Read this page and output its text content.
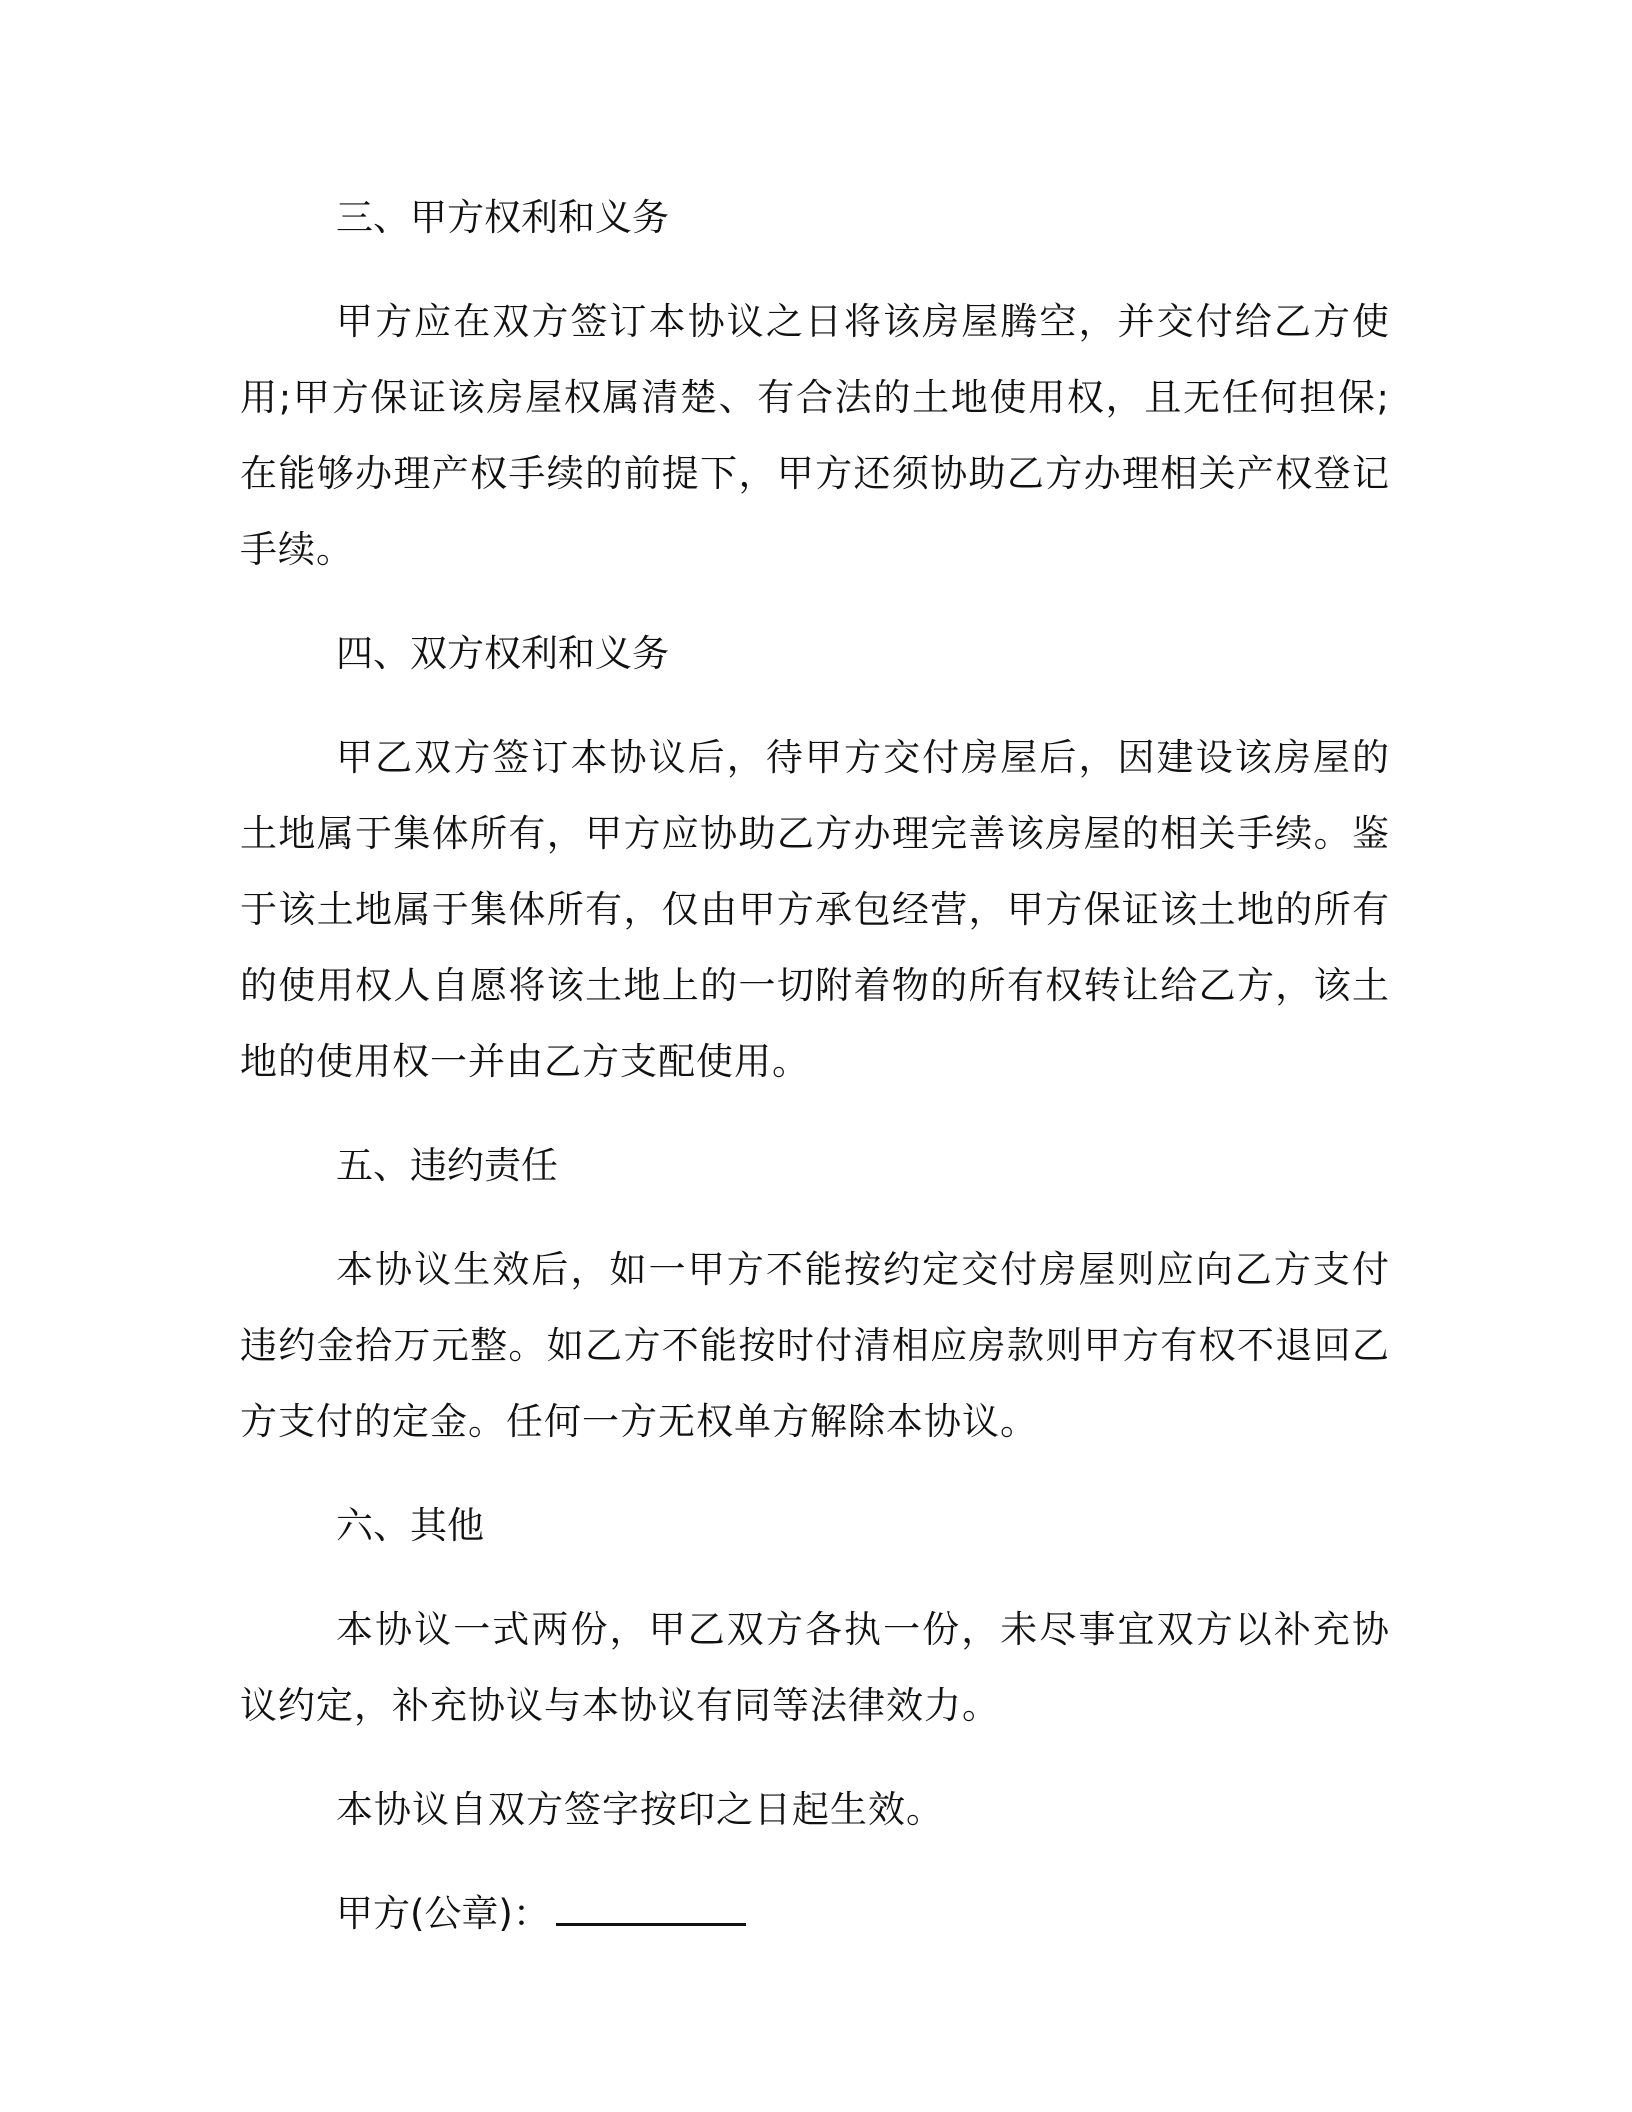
三、甲方权利和义务
甲方应在双方签订本协议之日将该房屋腾空，并交付给乙方使用;甲方保证该房屋权属清楚、有合法的土地使用权，且无任何担保;在能够办理产权手续的前提下，甲方还须协助乙方办理相关产权登记手续。
四、双方权利和义务
甲乙双方签订本协议后，待甲方交付房屋后，因建设该房屋的土地属于集体所有，甲方应协助乙方办理完善该房屋的相关手续。鉴于该土地属于集体所有，仅由甲方承包经营，甲方保证该土地的所有的使用权人自愿将该土地上的一切附着物的所有权转让给乙方，该土地的使用权一并由乙方支配使用。
五、违约责任
本协议生效后，如一甲方不能按约定交付房屋则应向乙方支付违约金拾万元整。如乙方不能按时付清相应房款则甲方有权不退回乙方支付的定金。任何一方无权单方解除本协议。
六、其他
本协议一式两份，甲乙双方各执一份，未尽事宜双方以补充协议约定，补充协议与本协议有同等法律效力。
本协议自双方签字按印之日起生效。
甲方(公章)：
